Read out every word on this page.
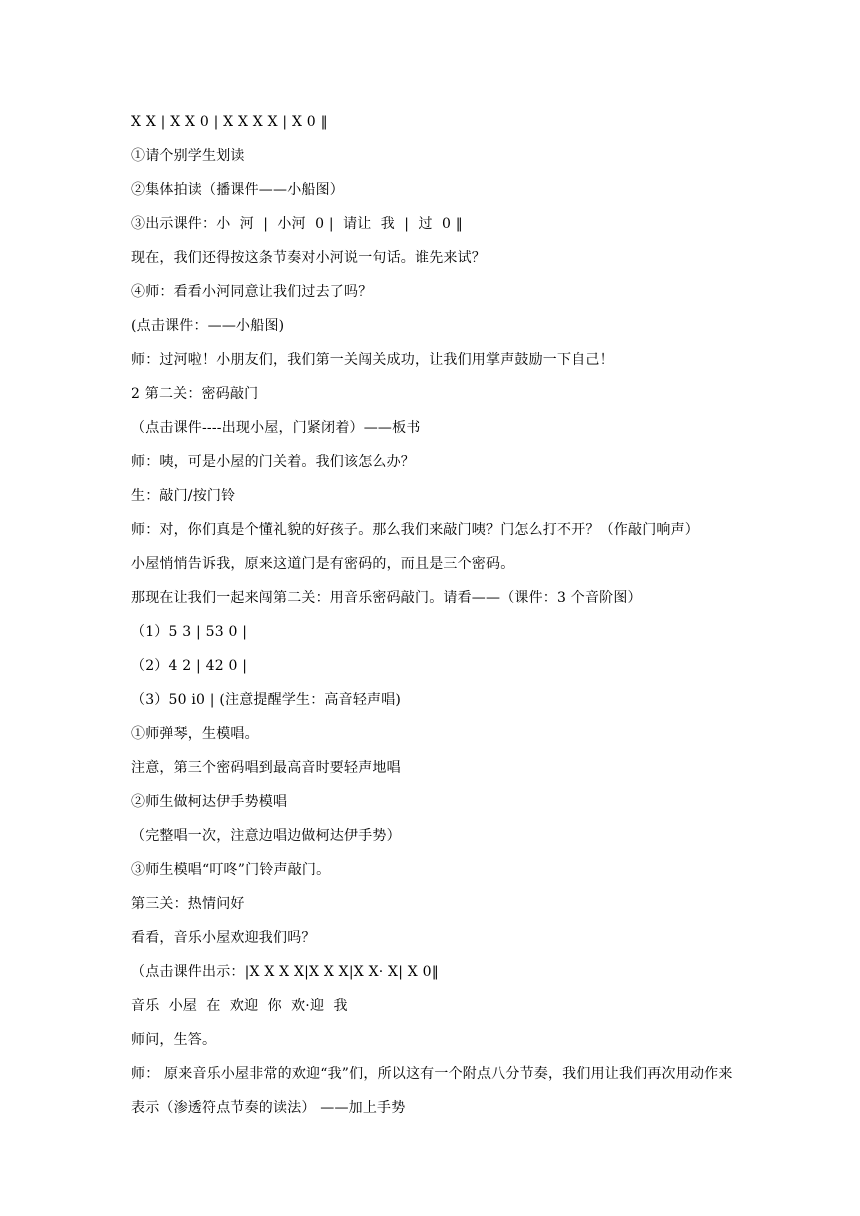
X X | X X 0 | X X X X | X 0 ‖
①请个别学生划读
②集体拍读（播课件——小船图）
③出示课件：小  河  |  小河  0 |  请让  我  |  过  0 ‖
现在，我们还得按这条节奏对小河说一句话。谁先来试？
④师：看看小河同意让我们过去了吗？
(点击课件：——小船图)
师：过河啦！小朋友们，我们第一关闯关成功，让我们用掌声鼓励一下自己！
2 第二关：密码敲门
（点击课件----出现小屋，门紧闭着）——板书
师：咦，可是小屋的门关着。我们该怎么办？
生：敲门/按门铃
师：对，你们真是个懂礼貌的好孩子。那么我们来敲门咦？门怎么打不开？（作敲门响声）
小屋悄悄告诉我，原来这道门是有密码的，而且是三个密码。
那现在让我们一起来闯第二关：用音乐密码敲门。请看——（课件：3 个音阶图）
（1）5 3 | 53 0 |
（2）4 2 | 42 0 |
（3）50 i0 | (注意提醒学生：高音轻声唱)
①师弹琴，生模唱。
注意，第三个密码唱到最高音时要轻声地唱
②师生做柯达伊手势模唱
（完整唱一次，注意边唱边做柯达伊手势）
③师生模唱“叮咚”门铃声敲门。
第三关：热情问好
看看，音乐小屋欢迎我们吗？
（点击课件出示：|X X X X|X X X|X X· X| X 0‖
音乐  小屋  在  欢迎  你  欢·迎  我
师问，生答。
师： 原来音乐小屋非常的欢迎“我”们，所以这有一个附点八分节奏，我们用让我们再次用动作来表示（渗透符点节奏的读法） ——加上手势
